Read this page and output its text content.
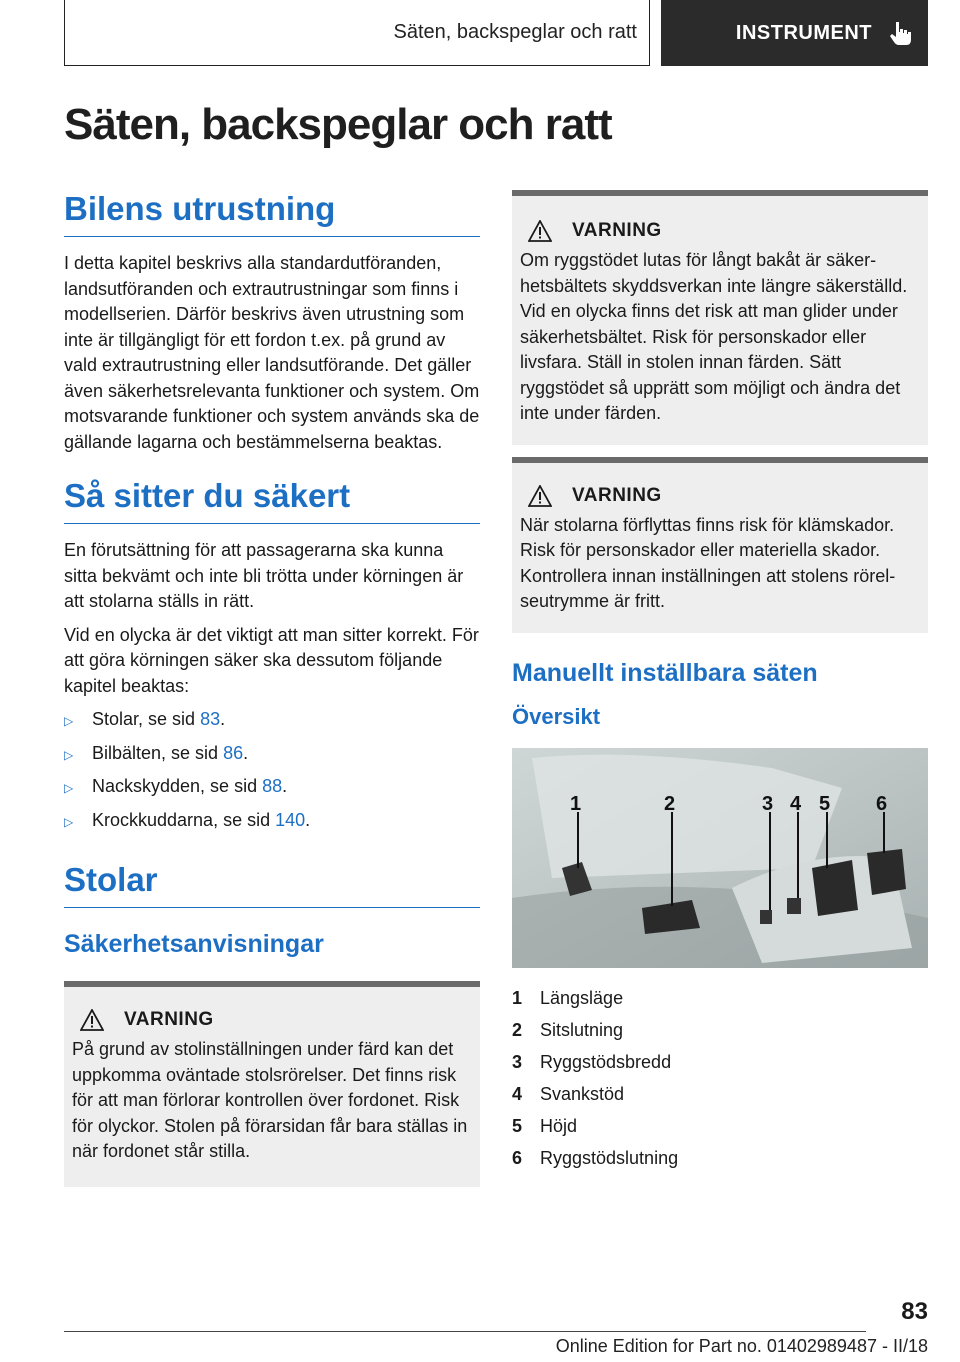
Säten, backspeglar och ratt	INSTRUMENT
Säten, backspeglar och ratt
Bilens utrustning

I detta kapitel beskrivs alla standardutföranden, landsutföranden och extrautrustningar som finns i modellserien. Därför beskrivs även utrustning som inte är tillgängligt för ett fordon t.ex. på grund av vald extrautrustning eller landsutförande. Det gäller även säkerhetsrelevanta funktioner och system. Om motsvarande funktioner och system används ska de gällande lagarna och bestämmelserna beaktas.

Så sitter du säkert

En förutsättning för att passagerarna ska kunna sitta bekvämt och inte bli trötta under körningen är att stolarna ställs in rätt.

Vid en olycka är det viktigt att man sitter korrekt. För att göra körningen säker ska dessutom följande kapitel beaktas:

▷	Stolar, se sid 83.
▷	Bilbälten, se sid 86.
▷	Nackskydden, se sid 88.
▷	Krockkuddarna, se sid 140.
Stolar
Säkerhetsanvisningar
VARNING

På grund av stolinställningen under färd kan det uppkomma oväntade stolsrörelser. Det finns risk för att man förlorar kontrollen över fordonet. Risk för olyckor. Stolen på förarsidan får bara ställas in när fordonet står stilla.

VARNING

Om ryggstödet lutas för långt bakåt är säkerhetsbältets skyddsverkan inte längre säkerställd. Vid en olycka finns det risk att man glider under säkerhetsbältet. Risk för personskador eller livsfara. Ställ in stolen innan färden. Sätt ryggstödet så upprätt som möjligt och ändra det inte under färden.

VARNING

När stolarna förflyttas finns risk för klämskador. Risk för personskador eller materiella skador. Kontrollera innan inställningen att stolens rörelseutrymme är fritt.

Manuellt inställbara säten
Översikt
1	2	3 4 5 6
1 Längsläge
2 Sitslutning
3 Ryggstödsbredd
4 Svankstöd
5 Höjd
6 Ryggstödslutning
83
Online Edition for Part no. 01402989487 - II/18
